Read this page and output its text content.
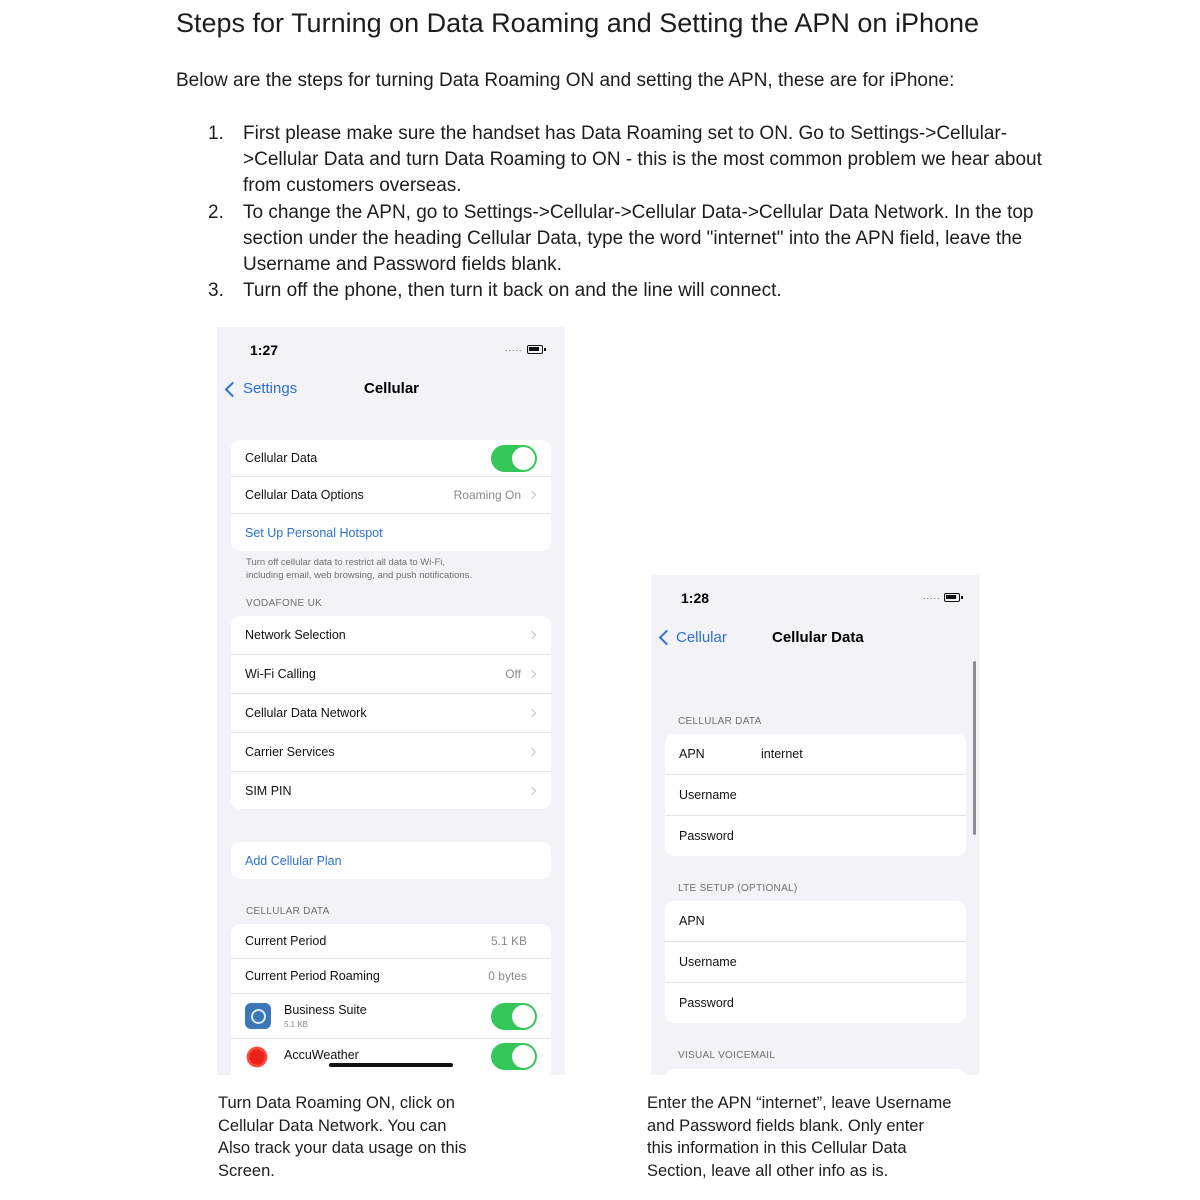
Steps for Turning on Data Roaming and Setting the APN on iPhone

Below are the steps for turning Data Roaming ON and setting the APN, these are for iPhone:

1.	First please make sure the handset has Data Roaming set to ON. Go to Settings->Cellular->Cellular Data and turn Data Roaming to ON - this is the most common problem we hear about from customers overseas.
2.	To change the APN, go to Settings->Cellular->Cellular Data->Cellular Data Network. In the top section under the heading Cellular Data, type the word "internet" into the APN field, leave the Username and Password fields blank.
3.	Turn off the phone, then turn it back on and the line will connect.
1:27	.....
Settings	Cellular
Cellular Data
Cellular Data Options	Roaming On
Set Up Personal Hotspot
Turn off cellular data to restrict all data to Wi-Fi,
including email, web browsing, and push notifications.
VODAFONE UK
Network Selection
Wi-Fi Calling	Off
Cellular Data Network
Carrier Services
SIM PIN
Add Cellular Plan
CELLULAR DATA
Current Period	5.1 KB
Current Period Roaming	0 bytes
Business Suite
5.1 KB
AccuWeather
1:28	.....
Cellular	Cellular Data
CELLULAR DATA
APN	internet
Username
Password
LTE SETUP (OPTIONAL)
APN
Username
Password
VISUAL VOICEMAIL

Turn Data Roaming ON, click on
Cellular Data Network. You can
Also track your data usage on this
Screen.

Enter the APN “internet”, leave Username
and Password fields blank. Only enter
this information in this Cellular Data
Section, leave all other info as is.
